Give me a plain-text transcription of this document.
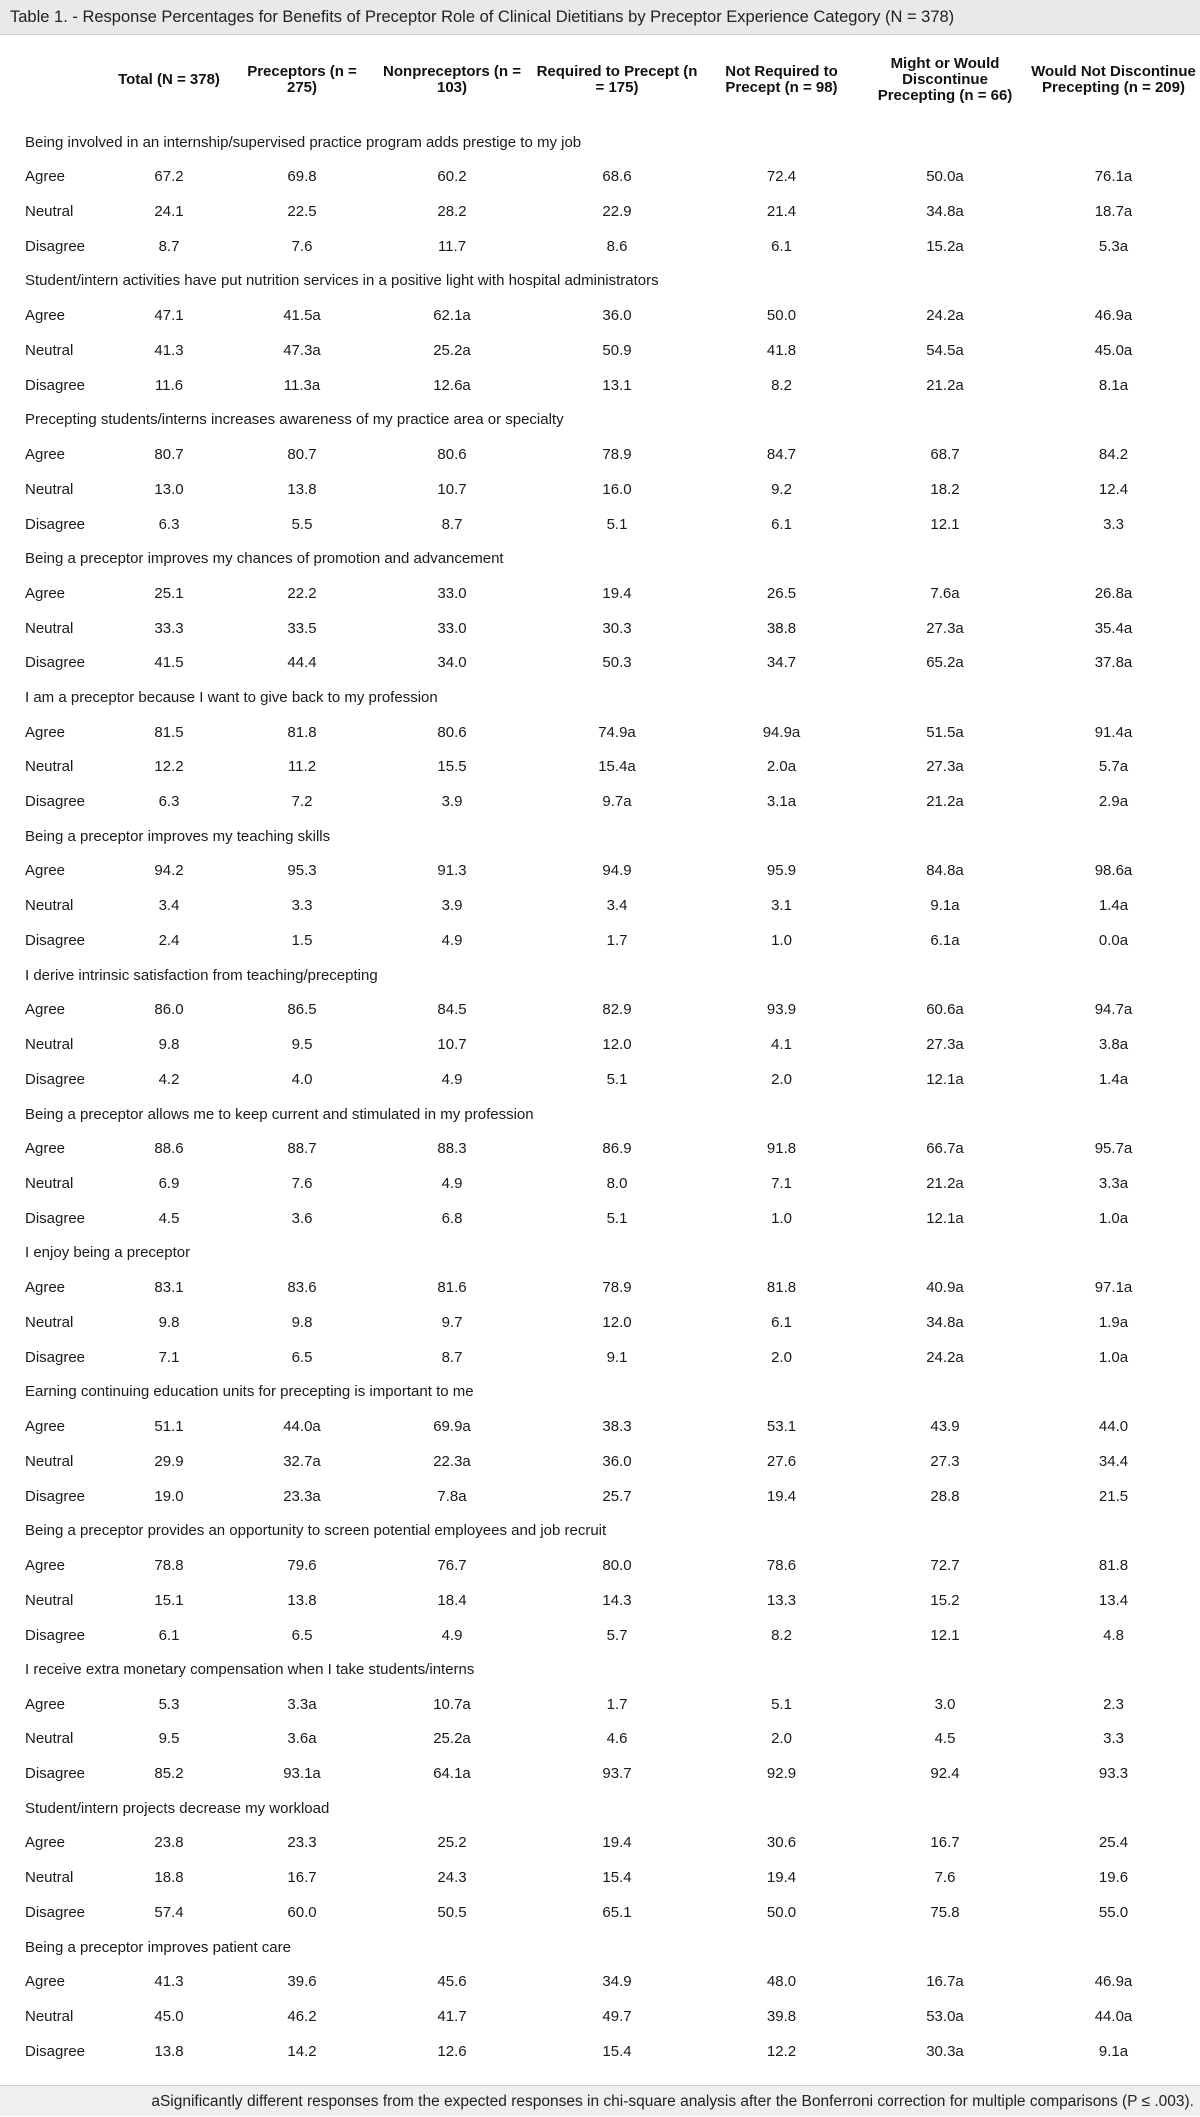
Table 1. - Response Percentages for Benefits of Preceptor Role of Clinical Dietitians by Preceptor Experience Category (N = 378)
	Total (N = 378)	Preceptors (n = 275)	Nonpreceptors (n = 103)	Required to Precept (n = 175)	Not Required to Precept (n = 98)	Might or Would Discontinue Precepting (n = 66)	Would Not Discontinue Precepting (n = 209)
Being involved in an internship/supervised practice program adds prestige to my job							
Agree	67.2	69.8	60.2	68.6	72.4	50.0a	76.1a
Neutral	24.1	22.5	28.2	22.9	21.4	34.8a	18.7a
Disagree	8.7	7.6	11.7	8.6	6.1	15.2a	5.3a
Student/intern activities have put nutrition services in a positive light with hospital administrators							
Agree	47.1	41.5a	62.1a	36.0	50.0	24.2a	46.9a
Neutral	41.3	47.3a	25.2a	50.9	41.8	54.5a	45.0a
Disagree	11.6	11.3a	12.6a	13.1	8.2	21.2a	8.1a
Precepting students/interns increases awareness of my practice area or specialty							
Agree	80.7	80.7	80.6	78.9	84.7	68.7	84.2
Neutral	13.0	13.8	10.7	16.0	9.2	18.2	12.4
Disagree	6.3	5.5	8.7	5.1	6.1	12.1	3.3
Being a preceptor improves my chances of promotion and advancement							
Agree	25.1	22.2	33.0	19.4	26.5	7.6a	26.8a
Neutral	33.3	33.5	33.0	30.3	38.8	27.3a	35.4a
Disagree	41.5	44.4	34.0	50.3	34.7	65.2a	37.8a
I am a preceptor because I want to give back to my profession							
Agree	81.5	81.8	80.6	74.9a	94.9a	51.5a	91.4a
Neutral	12.2	11.2	15.5	15.4a	2.0a	27.3a	5.7a
Disagree	6.3	7.2	3.9	9.7a	3.1a	21.2a	2.9a
Being a preceptor improves my teaching skills							
Agree	94.2	95.3	91.3	94.9	95.9	84.8a	98.6a
Neutral	3.4	3.3	3.9	3.4	3.1	9.1a	1.4a
Disagree	2.4	1.5	4.9	1.7	1.0	6.1a	0.0a
I derive intrinsic satisfaction from teaching/precepting							
Agree	86.0	86.5	84.5	82.9	93.9	60.6a	94.7a
Neutral	9.8	9.5	10.7	12.0	4.1	27.3a	3.8a
Disagree	4.2	4.0	4.9	5.1	2.0	12.1a	1.4a
Being a preceptor allows me to keep current and stimulated in my profession							
Agree	88.6	88.7	88.3	86.9	91.8	66.7a	95.7a
Neutral	6.9	7.6	4.9	8.0	7.1	21.2a	3.3a
Disagree	4.5	3.6	6.8	5.1	1.0	12.1a	1.0a
I enjoy being a preceptor							
Agree	83.1	83.6	81.6	78.9	81.8	40.9a	97.1a
Neutral	9.8	9.8	9.7	12.0	6.1	34.8a	1.9a
Disagree	7.1	6.5	8.7	9.1	2.0	24.2a	1.0a
Earning continuing education units for precepting is important to me							
Agree	51.1	44.0a	69.9a	38.3	53.1	43.9	44.0
Neutral	29.9	32.7a	22.3a	36.0	27.6	27.3	34.4
Disagree	19.0	23.3a	7.8a	25.7	19.4	28.8	21.5
Being a preceptor provides an opportunity to screen potential employees and job recruit							
Agree	78.8	79.6	76.7	80.0	78.6	72.7	81.8
Neutral	15.1	13.8	18.4	14.3	13.3	15.2	13.4
Disagree	6.1	6.5	4.9	5.7	8.2	12.1	4.8
I receive extra monetary compensation when I take students/interns							
Agree	5.3	3.3a	10.7a	1.7	5.1	3.0	2.3
Neutral	9.5	3.6a	25.2a	4.6	2.0	4.5	3.3
Disagree	85.2	93.1a	64.1a	93.7	92.9	92.4	93.3
Student/intern projects decrease my workload							
Agree	23.8	23.3	25.2	19.4	30.6	16.7	25.4
Neutral	18.8	16.7	24.3	15.4	19.4	7.6	19.6
Disagree	57.4	60.0	50.5	65.1	50.0	75.8	55.0
Being a preceptor improves patient care							
Agree	41.3	39.6	45.6	34.9	48.0	16.7a	46.9a
Neutral	45.0	46.2	41.7	49.7	39.8	53.0a	44.0a
Disagree	13.8	14.2	12.6	15.4	12.2	30.3a	9.1a
aSignificantly different responses from the expected responses in chi-square analysis after the Bonferroni correction for multiple comparisons (P ≤ .003).
